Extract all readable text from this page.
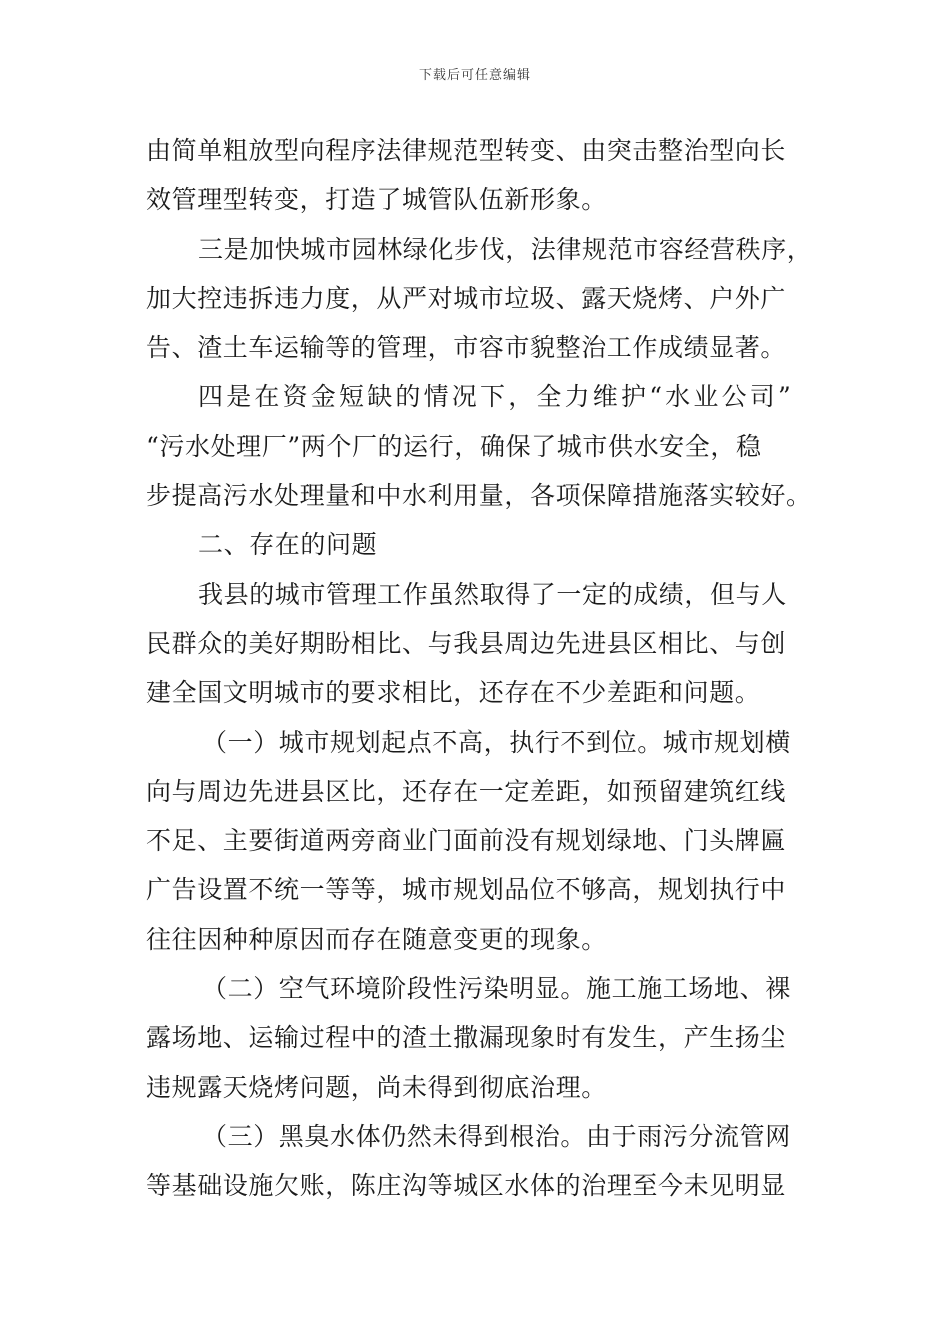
下载后可任意编辑

由简单粗放型向程序法律规范型转变、由突击整治型向长
效管理型转变，打造了城管队伍新形象。

三是加快城市园林绿化步伐，法律规范市容经营秩序，
加大控违拆违力度，从严对城市垃圾、露天烧烤、户外广
告、渣土车运输等的管理，市容市貌整治工作成绩显著。

四是在资金短缺的情况下，全力维护“水业公司”
“污水处理厂”两个厂的运行，确保了城市供水安全，稳
步提高污水处理量和中水利用量，各项保障措施落实较好。

二、存在的问题

我县的城市管理工作虽然取得了一定的成绩，但与人
民群众的美好期盼相比、与我县周边先进县区相比、与创
建全国文明城市的要求相比，还存在不少差距和问题。

（一）城市规划起点不高，执行不到位。城市规划横
向与周边先进县区比，还存在一定差距，如预留建筑红线
不足、主要街道两旁商业门面前没有规划绿地、门头牌匾
广告设置不统一等等，城市规划品位不够高，规划执行中
往往因种种原因而存在随意变更的现象。

（二）空气环境阶段性污染明显。施工施工场地、裸
露场地、运输过程中的渣土撒漏现象时有发生，产生扬尘
违规露天烧烤问题，尚未得到彻底治理。

（三）黑臭水体仍然未得到根治。由于雨污分流管网
等基础设施欠账，陈庄沟等城区水体的治理至今未见明显
